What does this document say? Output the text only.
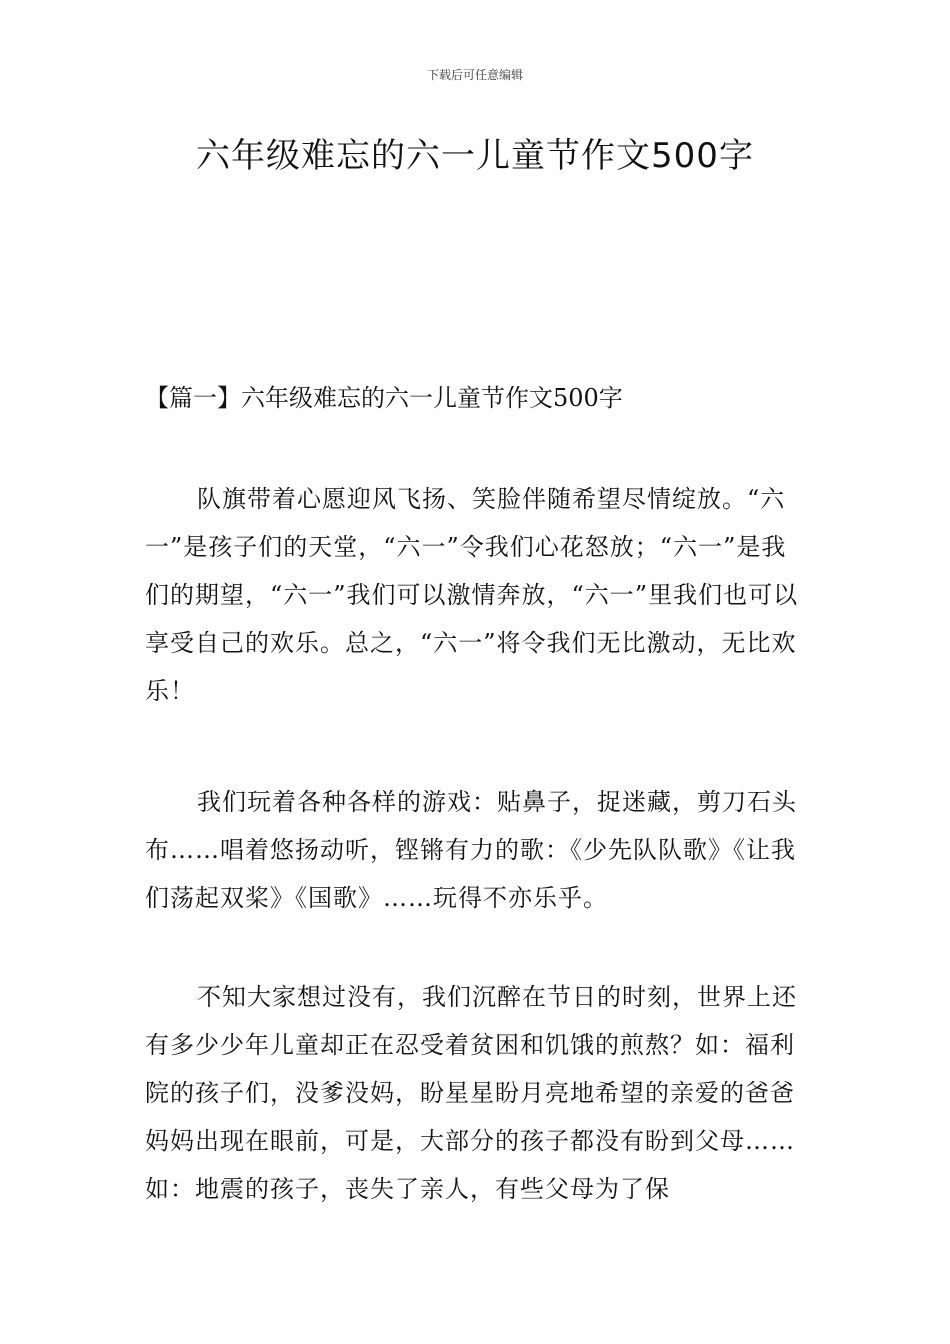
下载后可任意编辑
六年级难忘的六一儿童节作文500字

【篇一】六年级难忘的六一儿童节作文500字

队旗带着心愿迎风飞扬、笑脸伴随希望尽情绽放。“六一”是孩子们的天堂，“六一”令我们心花怒放；“六一”是我们的期望，“六一”我们可以激情奔放，“六一”里我们也可以享受自己的欢乐。总之，“六一”将令我们无比激动，无比欢乐！

我们玩着各种各样的游戏：贴鼻子，捉迷藏，剪刀石头布……唱着悠扬动听，铿锵有力的歌：《少先队队歌》《让我们荡起双桨》《国歌》……玩得不亦乐乎。

不知大家想过没有，我们沉醉在节日的时刻，世界上还有多少少年儿童却正在忍受着贫困和饥饿的煎熬？如：福利院的孩子们，没爹没妈，盼星星盼月亮地希望的亲爱的爸爸妈妈出现在眼前，可是，大部分的孩子都没有盼到父母……如：地震的孩子，丧失了亲人，有些父母为了保
